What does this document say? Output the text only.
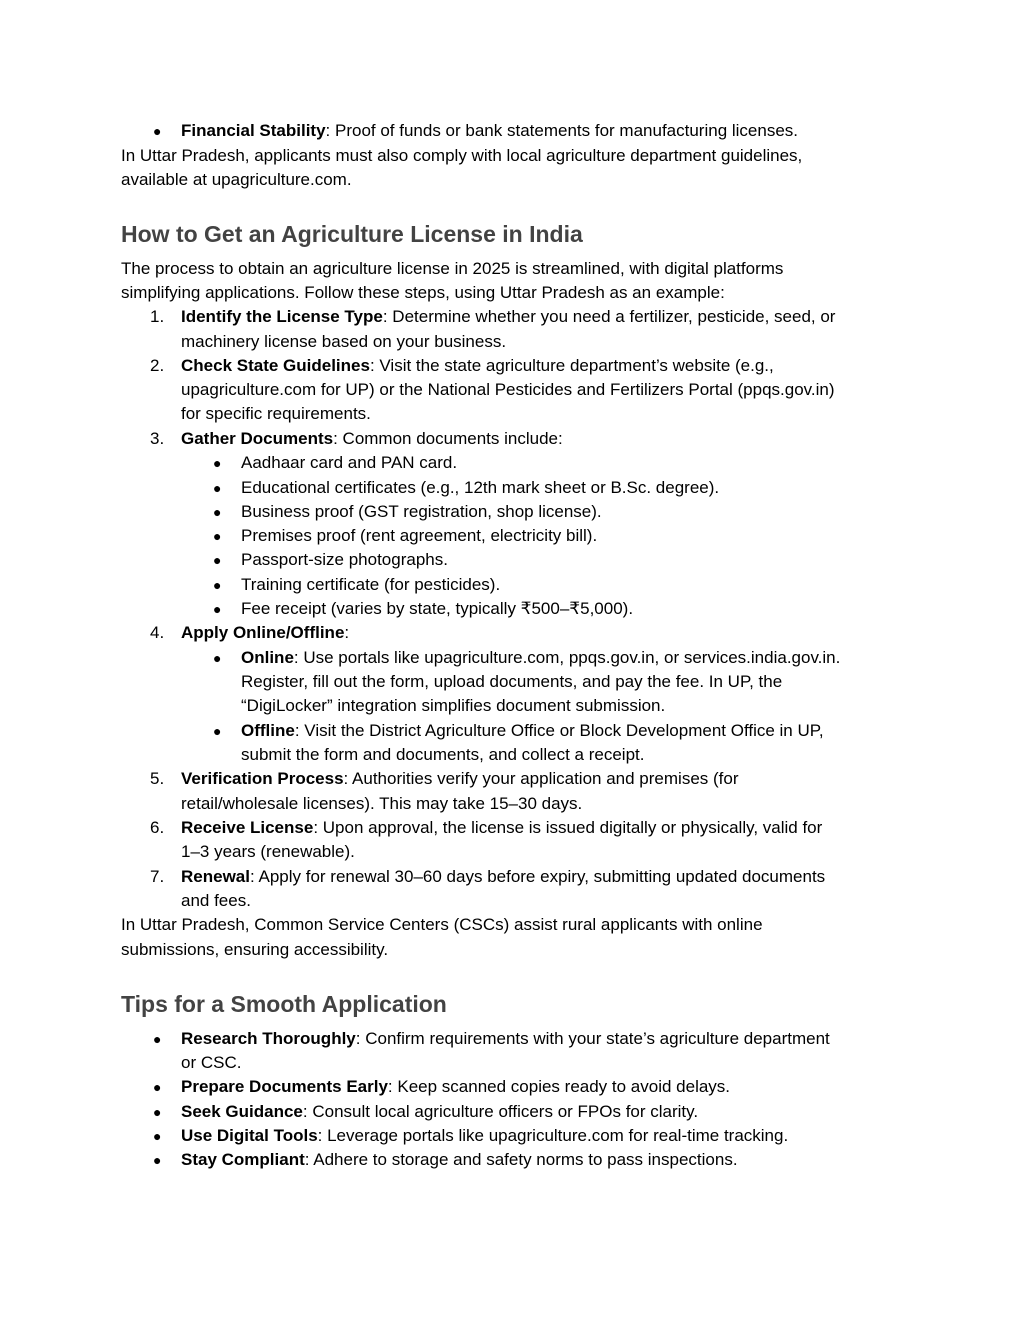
● Financial Stability: Proof of funds or bank statements for manufacturing licenses.
In Uttar Pradesh, applicants must also comply with local agriculture department guidelines,
available at upagriculture.com.
How to Get an Agriculture License in India
The process to obtain an agriculture license in 2025 is streamlined, with digital platforms
simplifying applications. Follow these steps, using Uttar Pradesh as an example:
1. Identify the License Type: Determine whether you need a fertilizer, pesticide, seed, or
machinery license based on your business.
2. Check State Guidelines: Visit the state agriculture department’s website (e.g.,
upagriculture.com for UP) or the National Pesticides and Fertilizers Portal (ppqs.gov.in)
for specific requirements.
3. Gather Documents: Common documents include:
● Aadhaar card and PAN card.
● Educational certificates (e.g., 12th mark sheet or B.Sc. degree).
● Business proof (GST registration, shop license).
● Premises proof (rent agreement, electricity bill).
● Passport-size photographs.
● Training certificate (for pesticides).
● Fee receipt (varies by state, typically ₹500–₹5,000).
4. Apply Online/Offline:
● Online: Use portals like upagriculture.com, ppqs.gov.in, or services.india.gov.in.
Register, fill out the form, upload documents, and pay the fee. In UP, the
“DigiLocker” integration simplifies document submission.
● Offline: Visit the District Agriculture Office or Block Development Office in UP,
submit the form and documents, and collect a receipt.
5. Verification Process: Authorities verify your application and premises (for
retail/wholesale licenses). This may take 15–30 days.
6. Receive License: Upon approval, the license is issued digitally or physically, valid for
1–3 years (renewable).
7. Renewal: Apply for renewal 30–60 days before expiry, submitting updated documents
and fees.
In Uttar Pradesh, Common Service Centers (CSCs) assist rural applicants with online
submissions, ensuring accessibility.
Tips for a Smooth Application
● Research Thoroughly: Confirm requirements with your state’s agriculture department
or CSC.
● Prepare Documents Early: Keep scanned copies ready to avoid delays.
● Seek Guidance: Consult local agriculture officers or FPOs for clarity.
● Use Digital Tools: Leverage portals like upagriculture.com for real-time tracking.
● Stay Compliant: Adhere to storage and safety norms to pass inspections.
